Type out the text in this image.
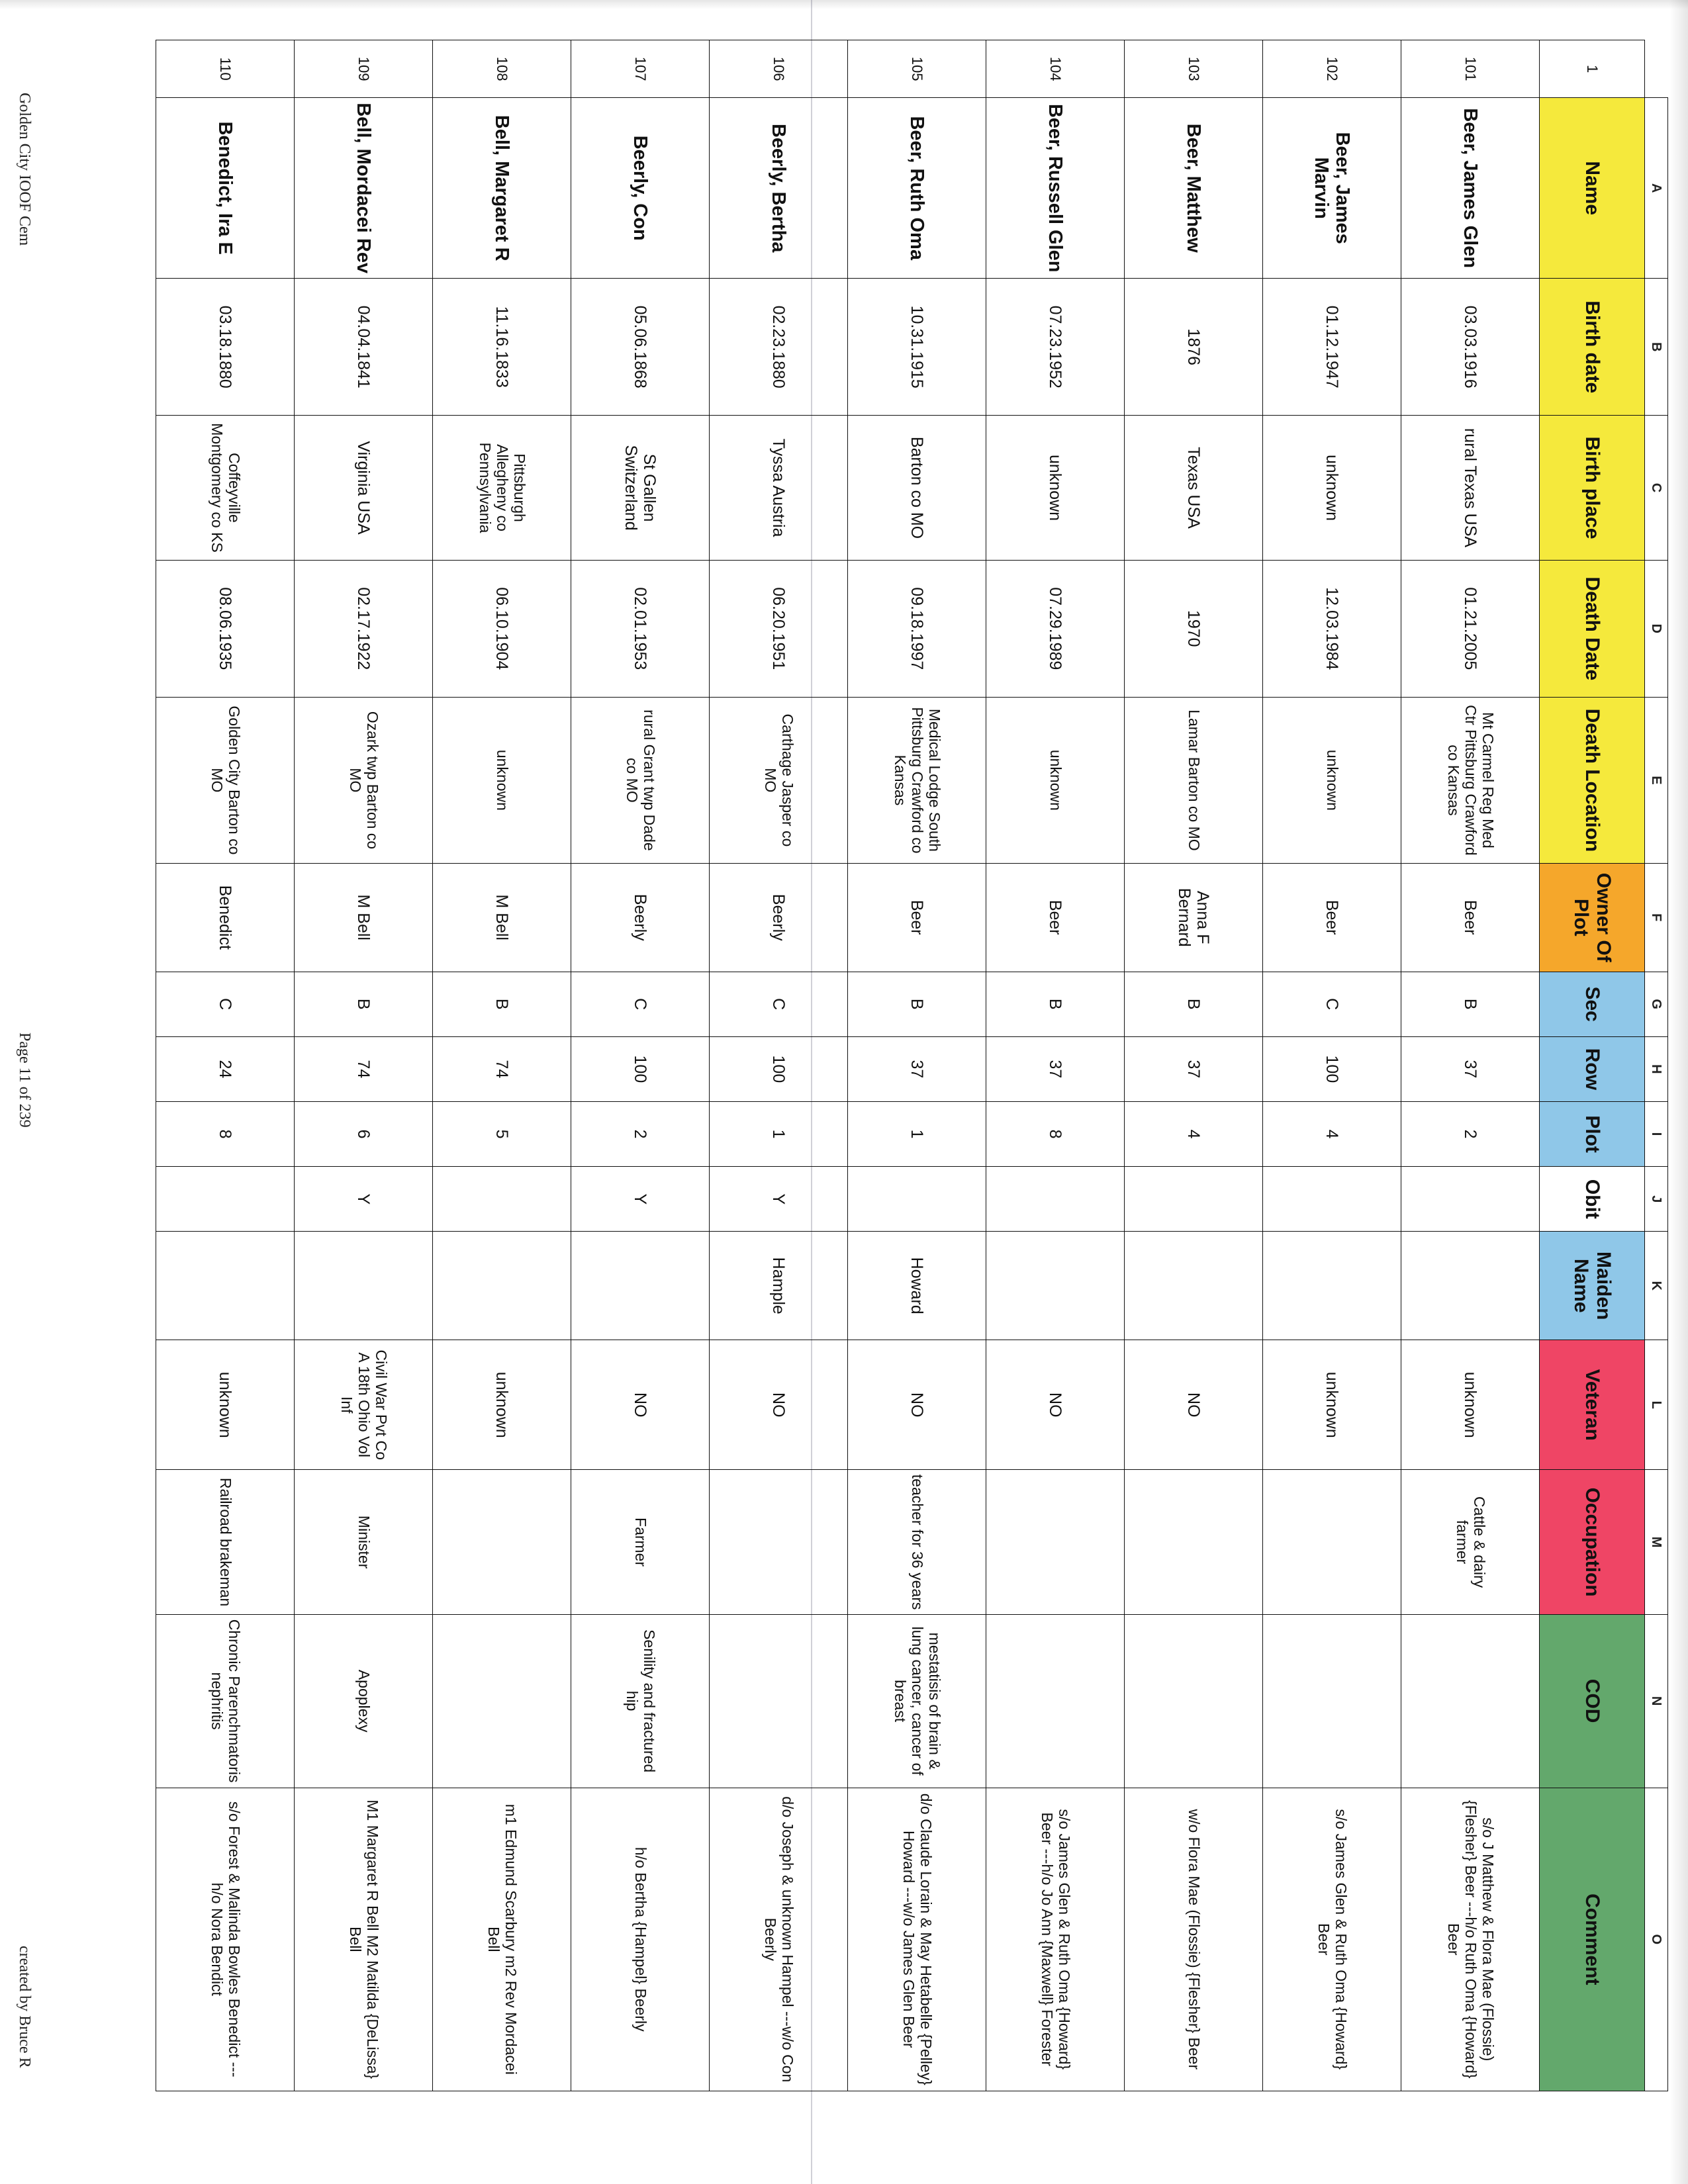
	A	B	C	D	E	F	G	H	I	J	K	L	M	N	O
1	Name	Birth date	Birth place	Death Date	Death Location	Owner Of Plot	Sec	Row	Plot	Obit	Maiden Name	Veteran	Occupation	COD	Comment
101	Beer, James Glen	03.03.1916	rural Texas USA	01.21.2005	Mt Carmel Reg Med Ctr Pittsburg Crawford co Kansas	Beer	B	37	2			unknown	Cattle & dairy farmer		s/o J Matthew & Flora Mae (Flossie) {Flesher} Beer ---h/o Ruth Oma {Howard} Beer
102	Beer, James Marvin	01.12.1947	unknown	12.03.1984	unknown	Beer	C	100	4			unknown			s/o James Glen & Ruth Oma {Howard} Beer
103	Beer, Matthew	1876	Texas USA	1970	Lamar Barton co MO	Anna F Bernard	B	37	4			NO			w/o Flora Mae (Flossie) {Flesher} Beer
104	Beer, Russell Glen	07.23.1952	unknown	07.29.1989	unknown	Beer	B	37	8			NO			s/o James Glen & Ruth Oma {Howard} Beer ---h/o Jo Ann {Maxwell} Forester
105	Beer, Ruth Oma	10.31.1915	Barton co MO	09.18.1997	Medical Lodge South Pittsburg Crawford co Kansas	Beer	B	37	1		Howard	NO	teacher for 36 years	mestatisis of brain & lung cancer, cancer of breast	d/o Claude Lorain & May Hetabelle {Pelley} Howard ---w/o James Glen Beer
106	Beerly, Bertha	02.23.1880	Tyssa Austria	06.20.1951	Carthage Jasper co MO	Beerly	C	100	1	Y	Hample	NO			d/o Joseph & unknown Hampel ---w/o Con Beerly
107	Beerly, Con	05.06.1868	St Gallen Switzerland	02.01.1953	rural Grant twp Dade co MO	Beerly	C	100	2	Y		NO	Farmer	Senility and fractured hip	h/o Bertha {Hampel} Beerly
108	Bell, Margaret R	11.16.1833	Pittsburgh Allegheny co Pennsylvania	06.10.1904	unknown	M Bell	B	74	5			unknown			m1 Edmund Scarbury m2 Rev Mordacei Bell
109	Bell, Mordacei Rev	04.04.1841	Virginia USA	02.17.1922	Ozark twp Barton co MO	M Bell	B	74	6	Y		Civil War Pvt Co A 18th Ohio Vol Inf	Minister	Apoplexy	M1 Margaret R Bell M2 Matilda {DeLissa} Bell
110	Benedict, Ira E	03.18.1880	Coffeyville Montgomery co KS	08.06.1935	Golden City Barton co MO	Benedict	C	24	8			unknown	Railroad brakeman	Chronic Parenchmatoris nephritis	s/o Forest & Malinda Bowles Benedict ---h/o Nora Bendict
Golden City IOOF Cem
Page 11 of 239
created by Bruce R
